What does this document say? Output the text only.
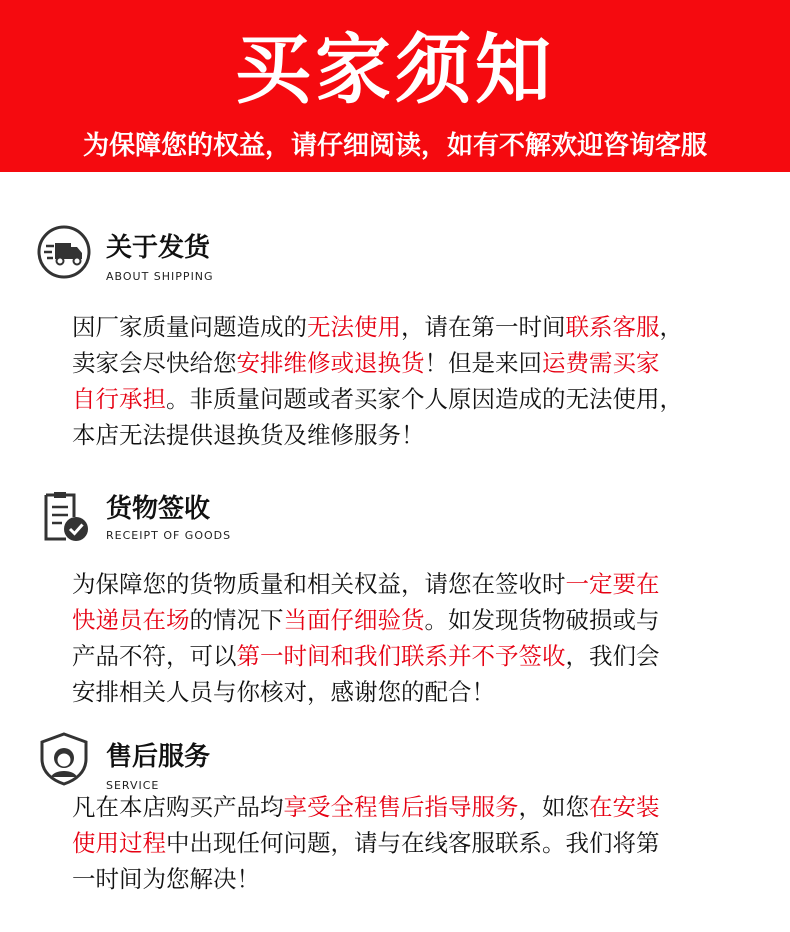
买家须知
为保障您的权益，请仔细阅读，如有不解欢迎咨询客服
关于发货
ABOUT SHIPPING
因厂家质量问题造成的无法使用，请在第一时间联系客服，
卖家会尽快给您安排维修或退换货！但是来回运费需买家
自行承担。非质量问题或者买家个人原因造成的无法使用，
本店无法提供退换货及维修服务！
货物签收
RECEIPT OF GOODS
为保障您的货物质量和相关权益，请您在签收时一定要在
快递员在场的情况下当面仔细验货。如发现货物破损或与
产品不符，可以第一时间和我们联系并不予签收，我们会
安排相关人员与你核对，感谢您的配合！
售后服务
SERVICE
凡在本店购买产品均享受全程售后指导服务，如您在安装
使用过程中出现任何问题，请与在线客服联系。我们将第
一时间为您解决！
